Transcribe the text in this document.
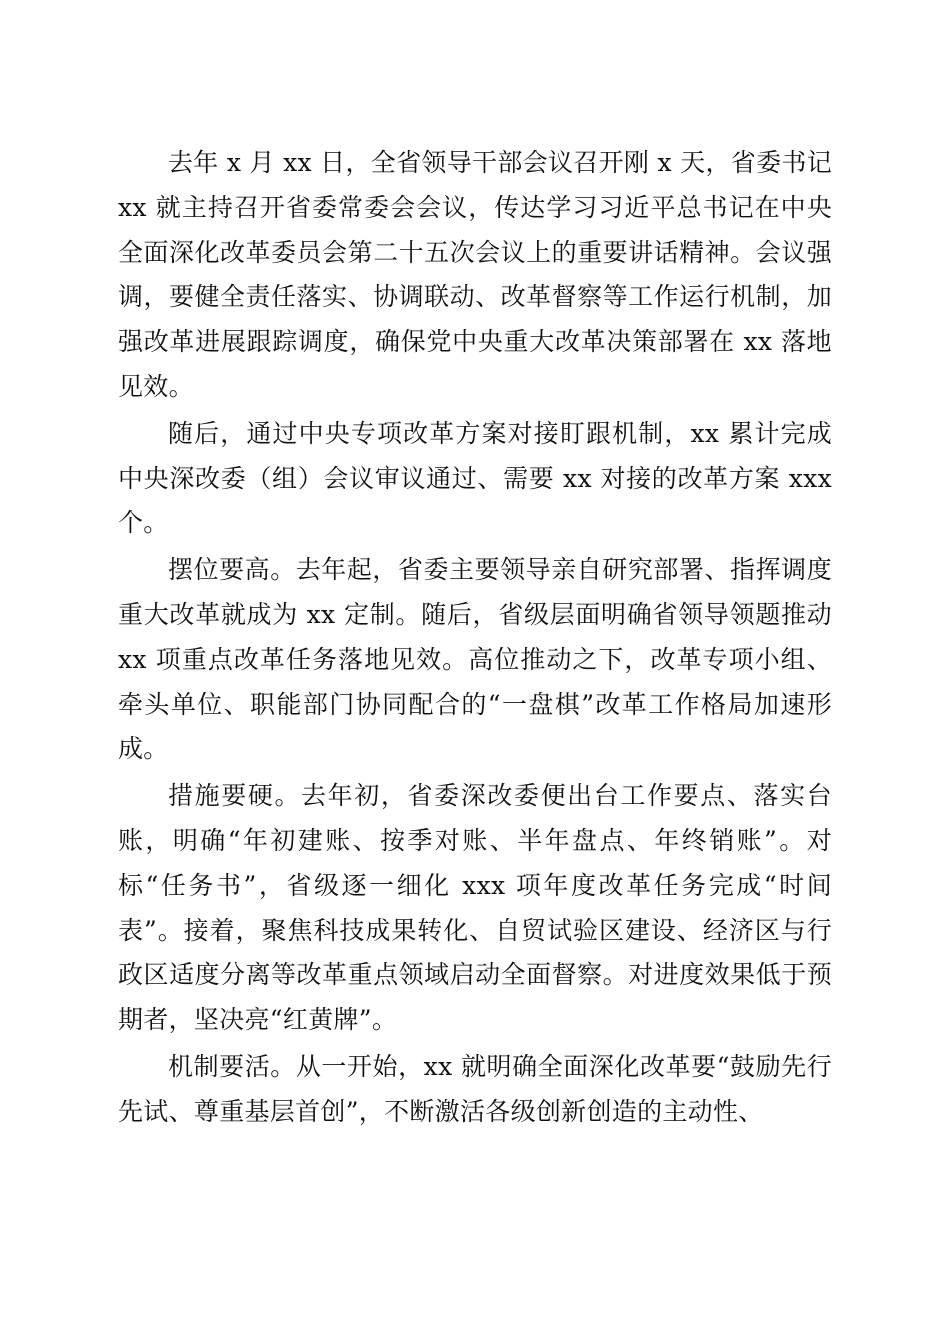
去年 x 月 xx 日，全省领导干部会议召开刚 x 天，省委书记 xx 就主持召开省委常委会会议，传达学习习近平总书记在中央全面深化改革委员会第二十五次会议上的重要讲话精神。会议强调，要健全责任落实、协调联动、改革督察等工作运行机制，加强改革进展跟踪调度，确保党中央重大改革决策部署在 xx 落地见效。

随后，通过中央专项改革方案对接盯跟机制，xx 累计完成中央深改委（组）会议审议通过、需要 xx 对接的改革方案 xxx 个。

摆位要高。去年起，省委主要领导亲自研究部署、指挥调度重大改革就成为 xx 定制。随后，省级层面明确省领导领题推动 xx 项重点改革任务落地见效。高位推动之下，改革专项小组、牵头单位、职能部门协同配合的“一盘棋”改革工作格局加速形成。

措施要硬。去年初，省委深改委便出台工作要点、落实台账，明确“年初建账、按季对账、半年盘点、年终销账”。对标“任务书”，省级逐一细化 xxx 项年度改革任务完成“时间表”。接着，聚焦科技成果转化、自贸试验区建设、经济区与行政区适度分离等改革重点领域启动全面督察。对进度效果低于预期者，坚决亮“红黄牌”。

机制要活。从一开始，xx 就明确全面深化改革要“鼓励先行先试、尊重基层首创”，不断激活各级创新创造的主动性、
